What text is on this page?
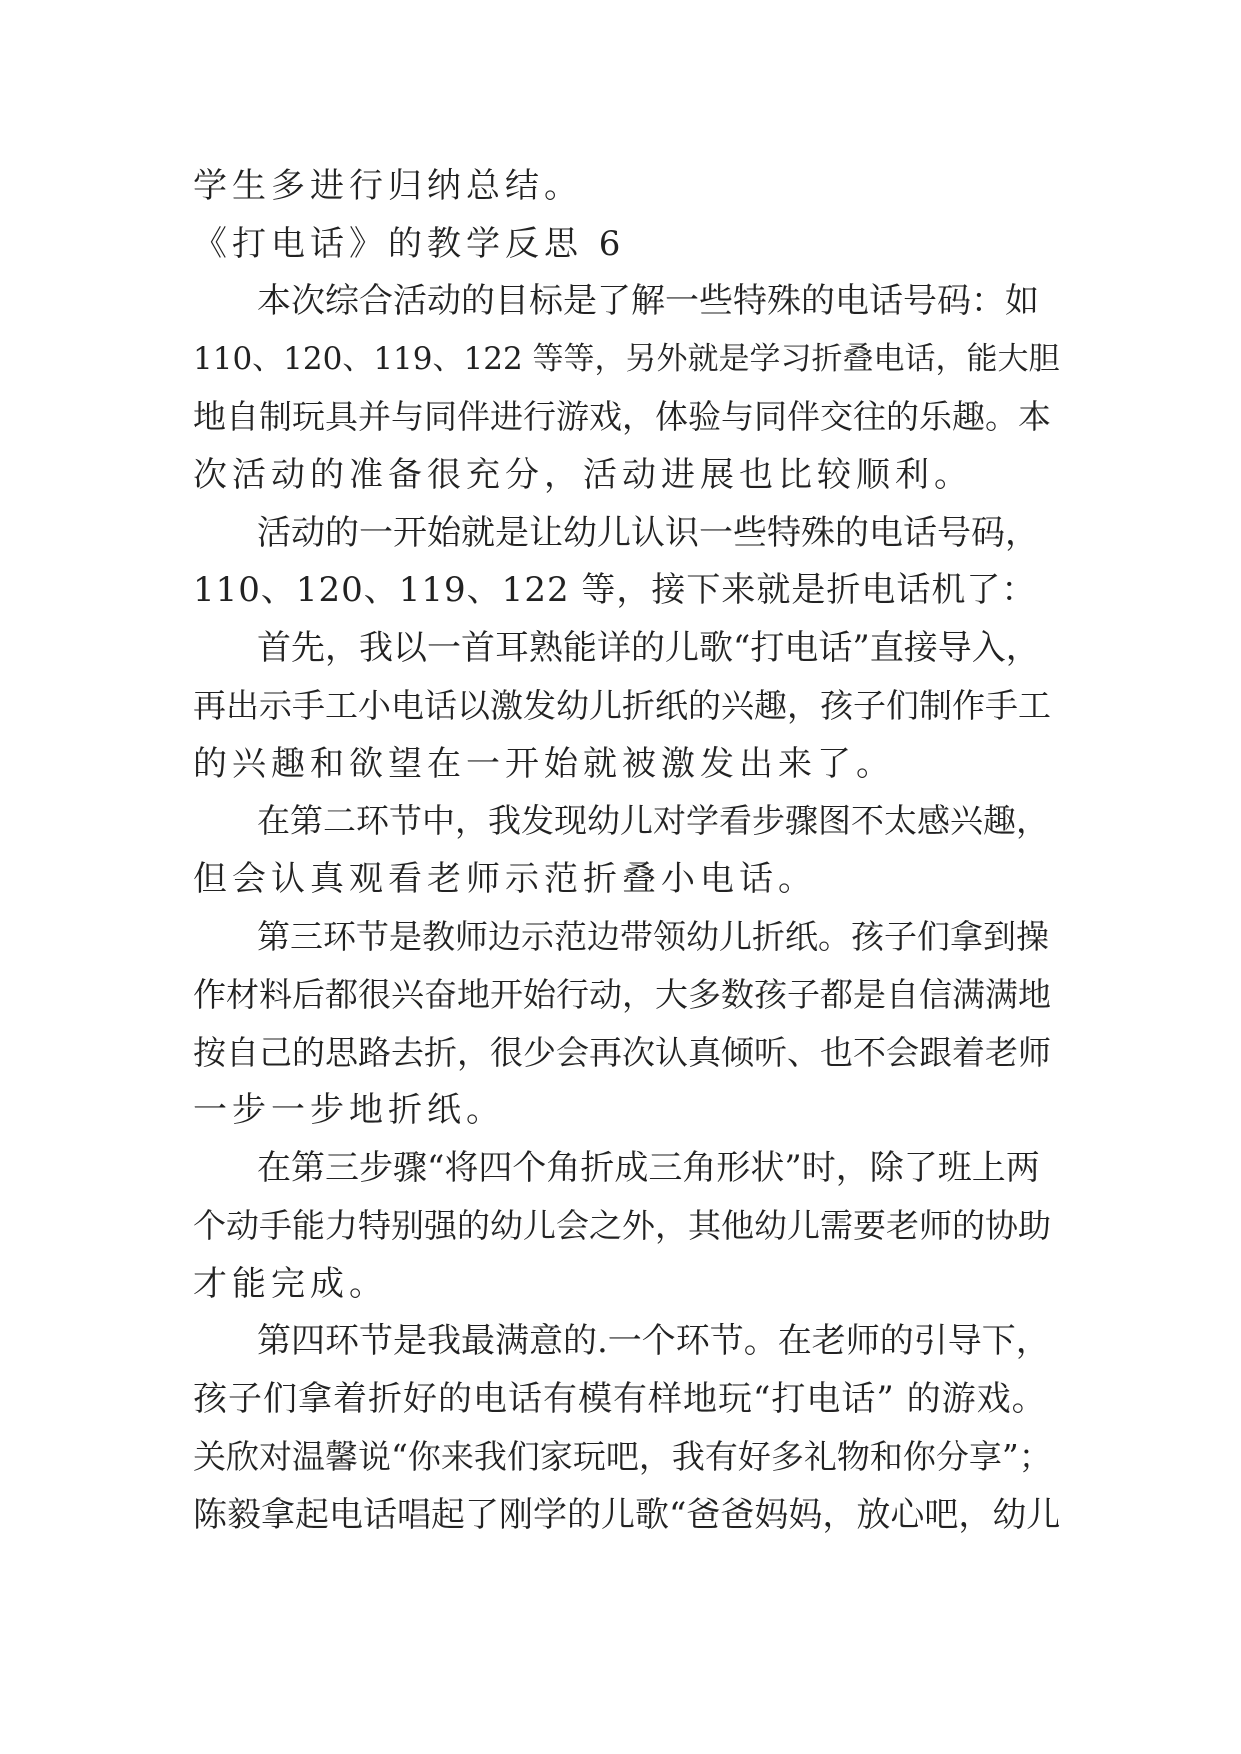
学生多进行归纳总结。
《打电话》的教学反思 6
本次综合活动的目标是了解一些特殊的电话号码：如
110、120、119、122 等等，另外就是学习折叠电话，能大胆
地自制玩具并与同伴进行游戏，体验与同伴交往的乐趣。本
次活动的准备很充分，活动进展也比较顺利。
活动的一开始就是让幼儿认识一些特殊的电话号码，
110、120、119、122 等，接下来就是折电话机了：
首先，我以一首耳熟能详的儿歌“打电话”直接导入，
再出示手工小电话以激发幼儿折纸的兴趣，孩子们制作手工
的兴趣和欲望在一开始就被激发出来了。
在第二环节中，我发现幼儿对学看步骤图不太感兴趣，
但会认真观看老师示范折叠小电话。
第三环节是教师边示范边带领幼儿折纸。孩子们拿到操
作材料后都很兴奋地开始行动，大多数孩子都是自信满满地
按自己的思路去折，很少会再次认真倾听、也不会跟着老师
一步一步地折纸。
在第三步骤“将四个角折成三角形状”时，除了班上两
个动手能力特别强的幼儿会之外，其他幼儿需要老师的协助
才能完成。
第四环节是我最满意的.一个环节。在老师的引导下，
孩子们拿着折好的电话有模有样地玩“打电话” 的游戏。
关欣对温馨说“你来我们家玩吧，我有好多礼物和你分享”；
陈毅拿起电话唱起了刚学的儿歌“爸爸妈妈，放心吧，幼儿
